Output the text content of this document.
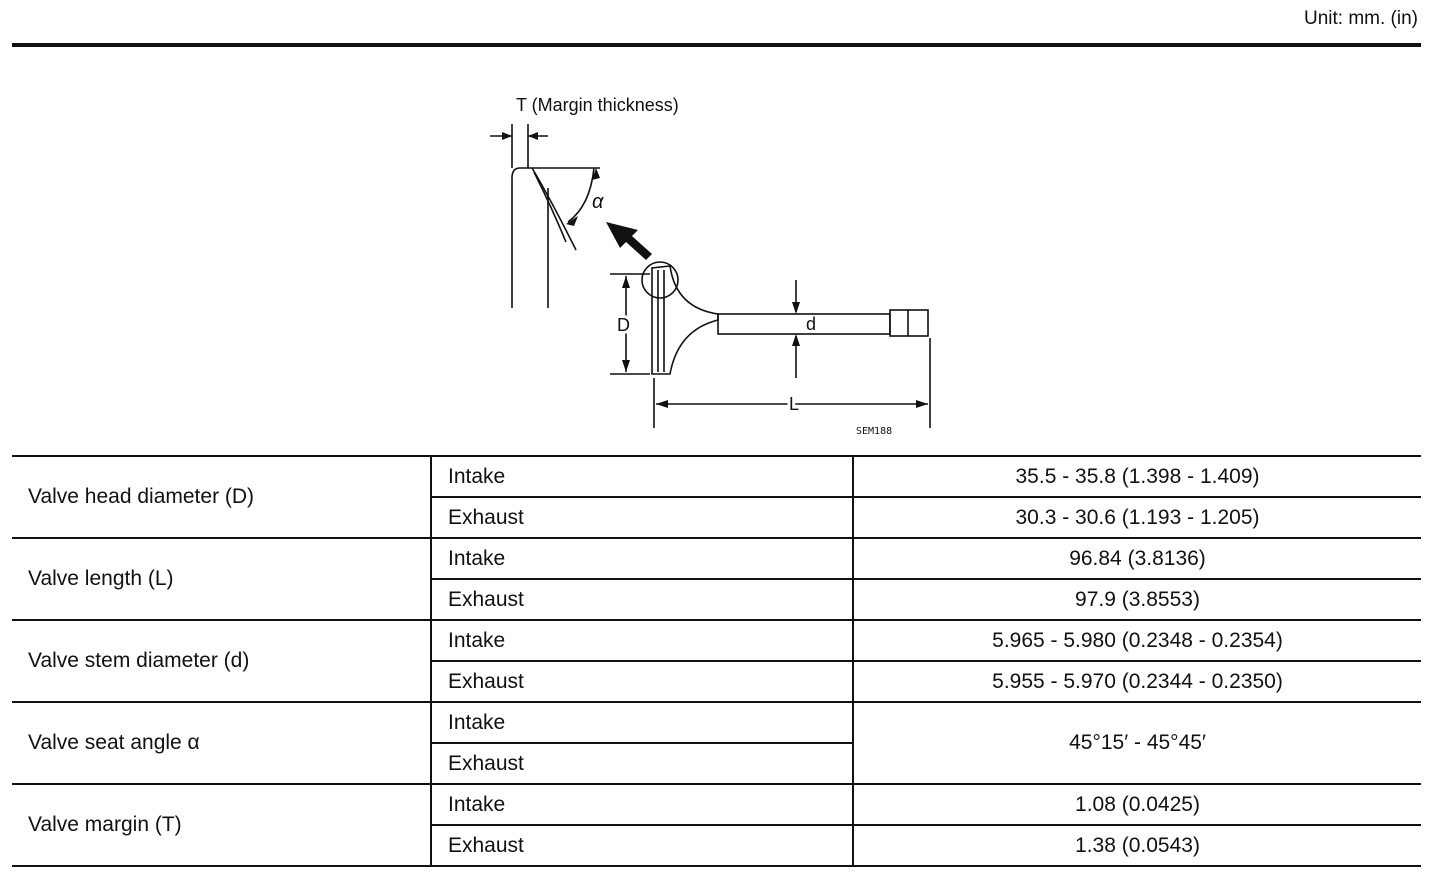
Unit: mm. (in)
T (Margin thickness)
α
D	d
L
SEM188
Valve head diameter (D)	Intake	35.5 - 35.8 (1.398 - 1.409)
	Exhaust	30.3 - 30.6 (1.193 - 1.205)
Valve length (L)	Intake	96.84 (3.8136)
	Exhaust	97.9 (3.8553)
Valve stem diameter (d)	Intake	5.965 - 5.980 (0.2348 - 0.2354)
	Exhaust	5.955 - 5.970 (0.2344 - 0.2350)
Valve seat angle α	Intake	45°15′ - 45°45′
	Exhaust	
Valve margin (T)	Intake	1.08 (0.0425)
	Exhaust	1.38 (0.0543)
